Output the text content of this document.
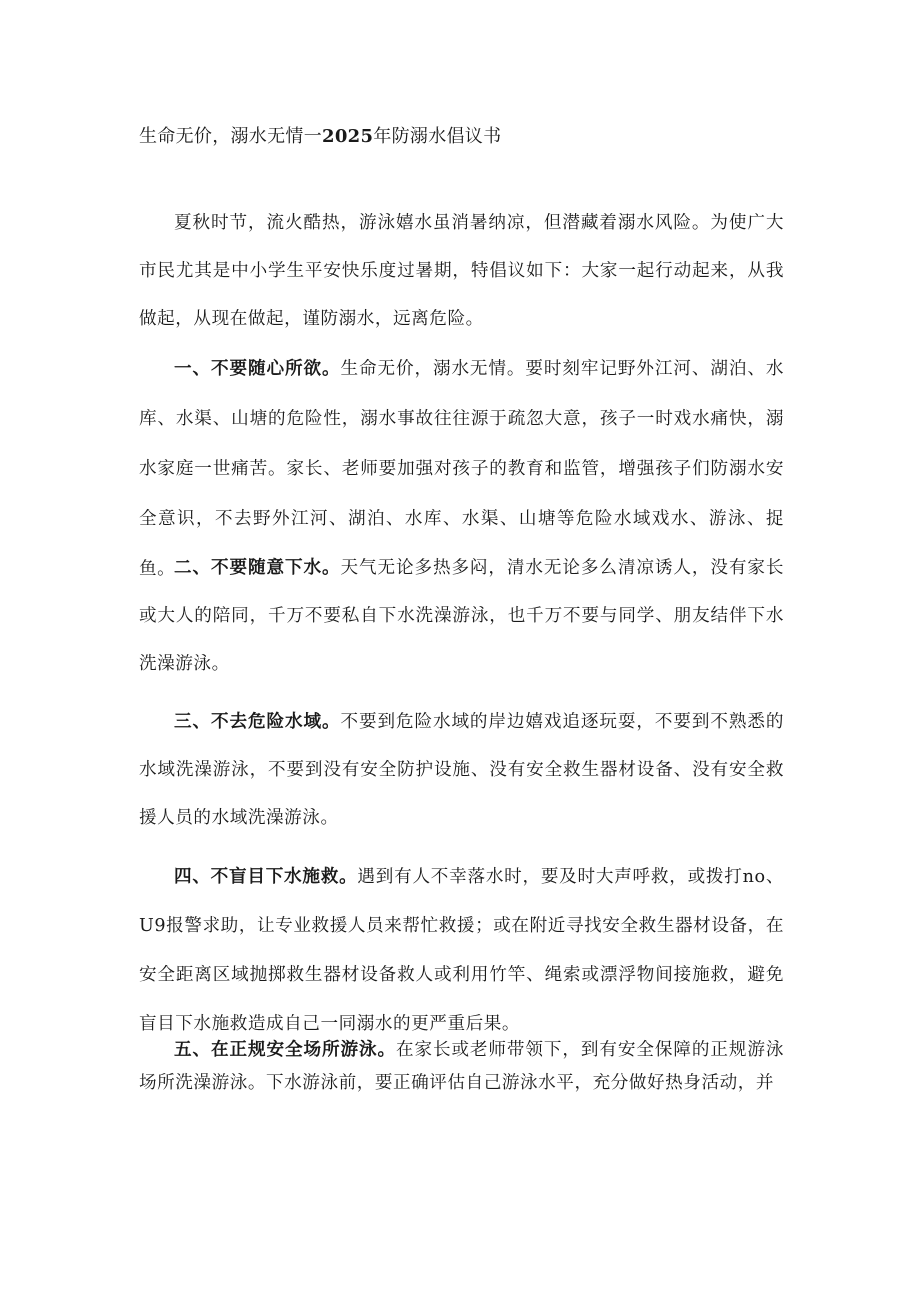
生命无价，溺水无情一2025年防溺水倡议书

夏秋时节，流火酷热，游泳嬉水虽消暑纳凉，但潜藏着溺水风险。为使广大市民尤其是中小学生平安快乐度过暑期，特倡议如下：大家一起行动起来，从我做起，从现在做起，谨防溺水，远离危险。

一、不要随心所欲。生命无价，溺水无情。要时刻牢记野外江河、湖泊、水库、水渠、山塘的危险性，溺水事故往往源于疏忽大意，孩子一时戏水痛快，溺水家庭一世痛苦。家长、老师要加强对孩子的教育和监管，增强孩子们防溺水安全意识，不去野外江河、湖泊、水库、水渠、山塘等危险水域戏水、游泳、捉鱼。

二、不要随意下水。天气无论多热多闷，清水无论多么清凉诱人，没有家长或大人的陪同，千万不要私自下水洗澡游泳，也千万不要与同学、朋友结伴下水洗澡游泳。

三、不去危险水域。不要到危险水域的岸边嬉戏追逐玩耍，不要到不熟悉的水域洗澡游泳，不要到没有安全防护设施、没有安全救生器材设备、没有安全救援人员的水域洗澡游泳。

四、不盲目下水施救。遇到有人不幸落水时，要及时大声呼救，或拨打no、U9报警求助，让专业救援人员来帮忙救援；或在附近寻找安全救生器材设备，在安全距离区域抛掷救生器材设备救人或利用竹竿、绳索或漂浮物间接施救，避免盲目下水施救造成自己一同溺水的更严重后果。

五、在正规安全场所游泳。在家长或老师带领下，到有安全保障的正规游泳场所洗澡游泳。下水游泳前，要正确评估自己游泳水平，充分做好热身活动，并
